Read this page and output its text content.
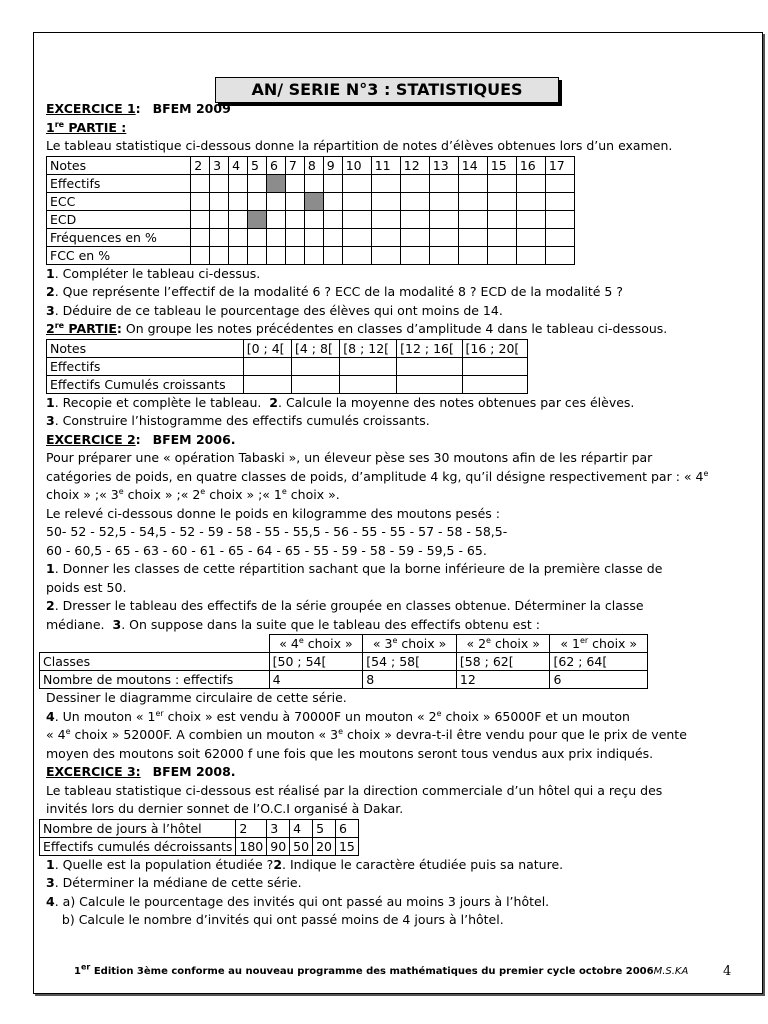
AN/ SERIE N°3 : STATISTIQUES
EXCERCICE 1: BFEM 2009
1re PARTIE :
Le tableau statistique ci-dessous donne la répartition de notes d’élèves obtenues lors d’un examen.
Notes	2	3	4	5	6	7	8	9	10	11	12	13	14	15	16	17
Effectifs																
ECC																
ECD																
Fréquences en %																
FCC en %																
1. Compléter le tableau ci-dessus.
2. Que représente l’effectif de la modalité 6 ? ECC de la modalité 8 ? ECD de la modalité 5 ?
3. Déduire de ce tableau le pourcentage des élèves qui ont moins de 14.
2re PARTIE: On groupe les notes précédentes en classes d’amplitude 4 dans le tableau ci-dessous.
Notes	[0 ; 4[	[4 ; 8[	[8 ; 12[	[12 ; 16[	[16 ; 20[
Effectifs					
Effectifs Cumulés croissants					
1. Recopie et complète le tableau. 2. Calcule la moyenne des notes obtenues par ces élèves.
3. Construire l’histogramme des effectifs cumulés croissants.
EXCERCICE 2: BFEM 2006.
Pour préparer une « opération Tabaski », un éleveur pèse ses 30 moutons afin de les répartir par
catégories de poids, en quatre classes de poids, d’amplitude 4 kg, qu’il désigne respectivement par : « 4e
choix » ;« 3e choix » ;« 2e choix » ;« 1e choix ».
Le relevé ci-dessous donne le poids en kilogramme des moutons pesés :
50- 52 - 52,5 - 54,5 - 52 - 59 - 58 - 55 - 55,5 - 56 - 55 - 55 - 57 - 58 - 58,5-
60 - 60,5 - 65 - 63 - 60 - 61 - 65 - 64 - 65 - 55 - 59 - 58 - 59 - 59,5 - 65.
1. Donner les classes de cette répartition sachant que la borne inférieure de la première classe de
poids est 50.
2. Dresser le tableau des effectifs de la série groupée en classes obtenue. Déterminer la classe
médiane. 3. On suppose dans la suite que le tableau des effectifs obtenu est :
	« 4e choix »	« 3e choix »	« 2e choix »	« 1er choix »
Classes	[50 ; 54[	[54 ; 58[	[58 ; 62[	[62 ; 64[
Nombre de moutons : effectifs	4	8	12	6
Dessiner le diagramme circulaire de cette série.
4. Un mouton « 1er choix » est vendu à 70000F un mouton « 2e choix » 65000F et un mouton
« 4e choix » 52000F. A combien un mouton « 3e choix » devra-t-il être vendu pour que le prix de vente
moyen des moutons soit 62000 f une fois que les moutons seront tous vendus aux prix indiqués.
EXCERCICE 3: BFEM 2008.
Le tableau statistique ci-dessous est réalisé par la direction commerciale d’un hôtel qui a reçu des
invités lors du dernier sonnet de l’O.C.I organisé à Dakar.
Nombre de jours à l’hôtel	2	3	4	5	6
Effectifs cumulés décroissants	180	90	50	20	15
1. Quelle est la population étudiée ?2. Indique le caractère étudiée puis sa nature.
3. Déterminer la médiane de cette série.
4. a) Calcule le pourcentage des invités qui ont passé au moins 3 jours à l’hôtel.
b) Calcule le nombre d’invités qui ont passé moins de 4 jours à l’hôtel.
1er Edition 3ème conforme au nouveau programme des mathématiques du premier cycle octobre 2006M.S.KA	4
